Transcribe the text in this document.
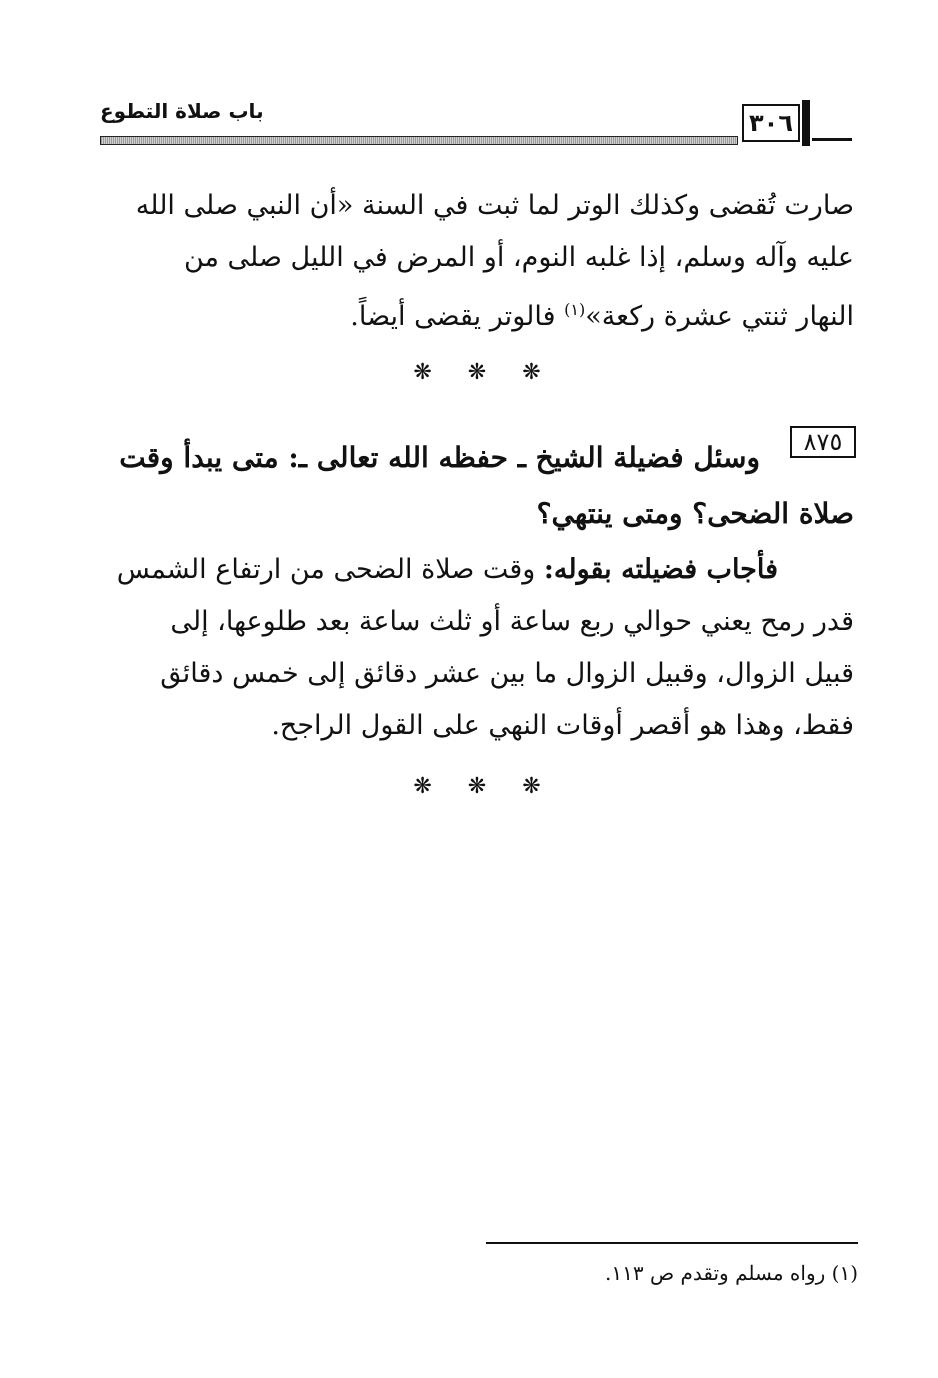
باب صلاة التطوع	٣٠٦
صارت تُقضى وكذلك الوتر لما ثبت في السنة «أن النبي صلى الله
عليه وآله وسلم، إذا غلبه النوم، أو المرض في الليل صلى من
النهار ثنتي عشرة ركعة»$^{(١)}$ فالوتر يقضى أيضاً.
❋ ❋ ❋
٨٧٥
وسئل فضيلة الشيخ ـ حفظه الله تعالى ـ: متى يبدأ وقت
صلاة الضحى؟ ومتى ينتهي؟
فأجاب فضيلته بقوله: وقت صلاة الضحى من ارتفاع الشمس
قدر رمح يعني حوالي ربع ساعة أو ثلث ساعة بعد طلوعها، إلى
قبيل الزوال، وقبيل الزوال ما بين عشر دقائق إلى خمس دقائق
فقط، وهذا هو أقصر أوقات النهي على القول الراجح.
❋ ❋ ❋
(١) رواه مسلم وتقدم ص ١١٣.
